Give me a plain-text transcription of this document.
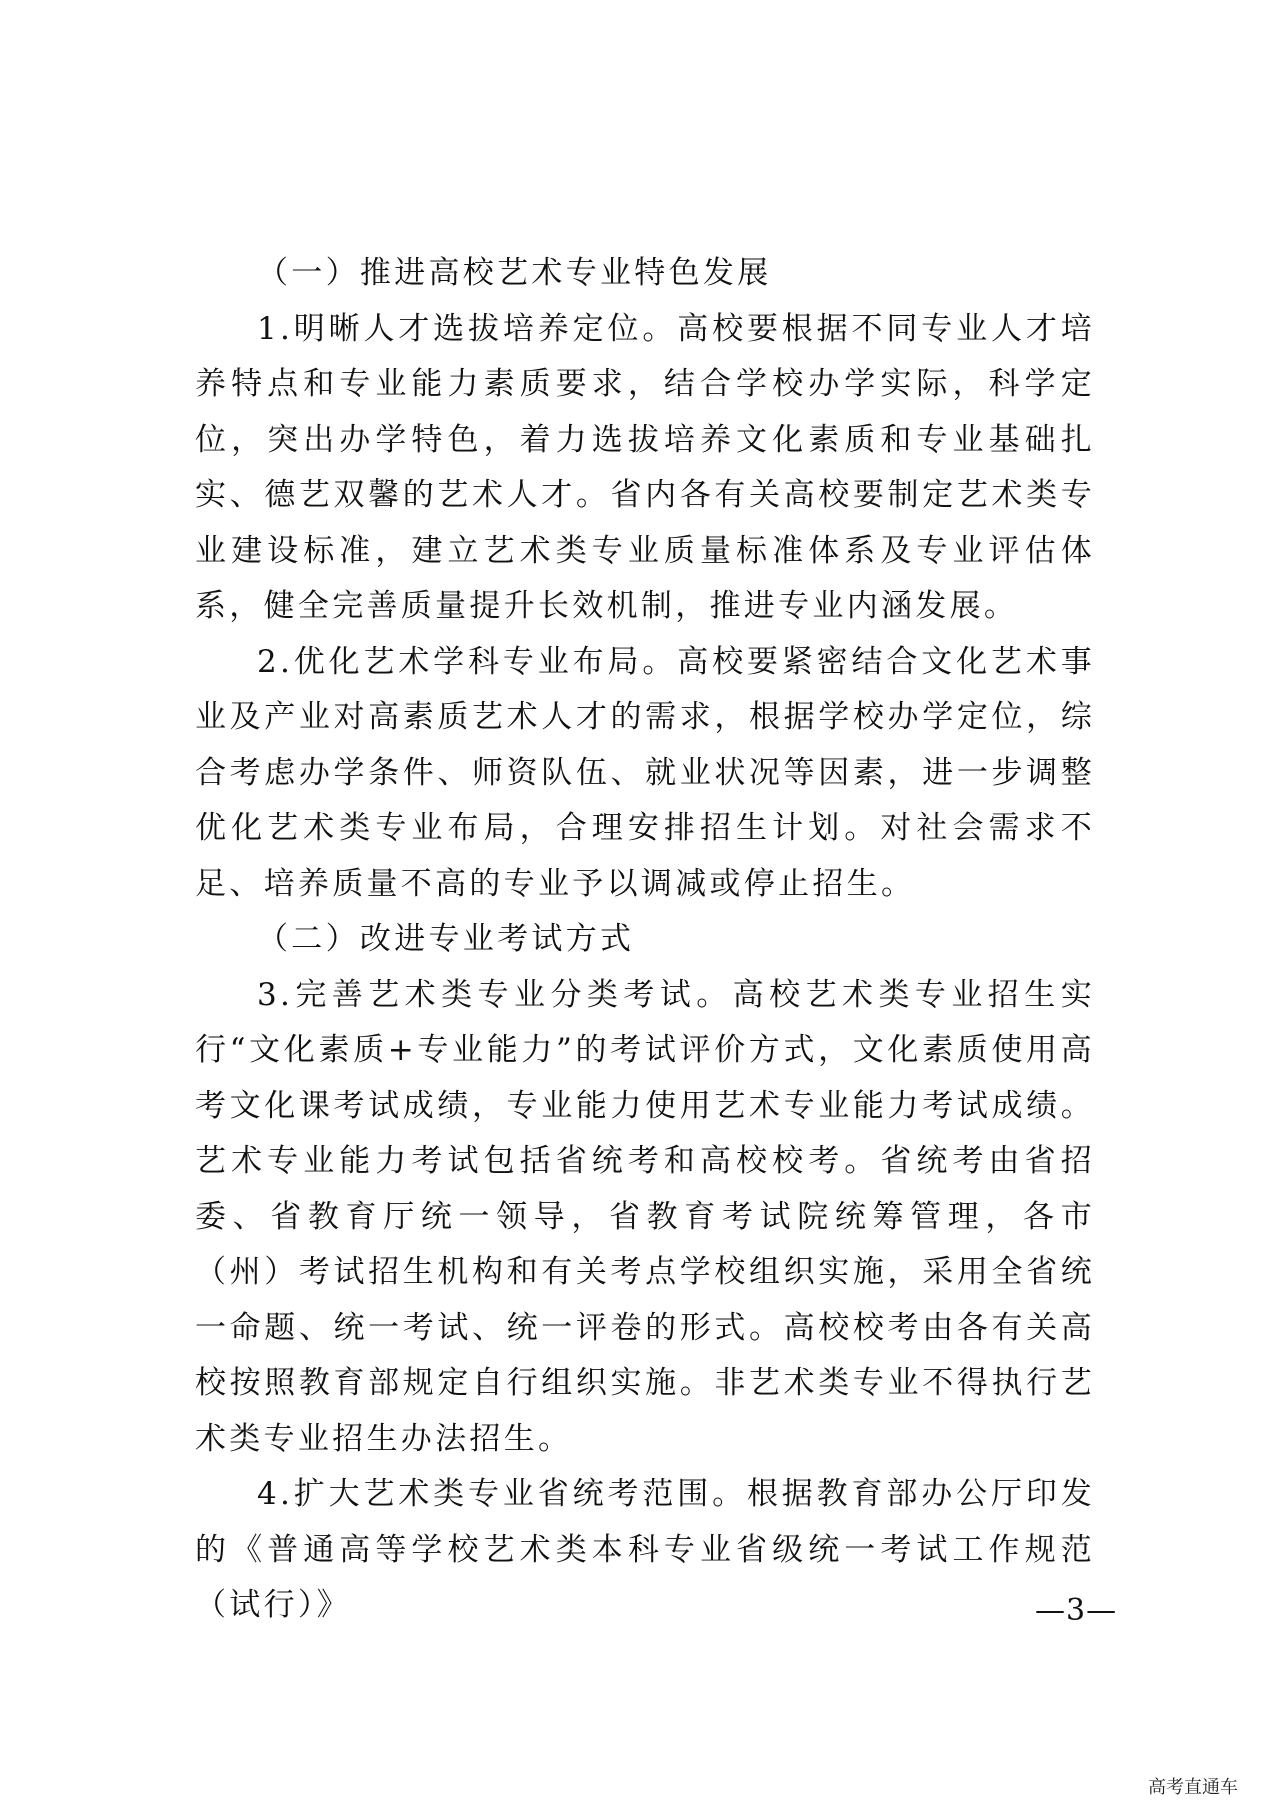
（一）推进高校艺术专业特色发展

1.明晰人才选拔培养定位。高校要根据不同专业人才培养特点和专业能力素质要求，结合学校办学实际，科学定位，突出办学特色，着力选拔培养文化素质和专业基础扎实、德艺双馨的艺术人才。省内各有关高校要制定艺术类专业建设标准，建立艺术类专业质量标准体系及专业评估体系，健全完善质量提升长效机制，推进专业内涵发展。

2.优化艺术学科专业布局。高校要紧密结合文化艺术事业及产业对高素质艺术人才的需求，根据学校办学定位，综合考虑办学条件、师资队伍、就业状况等因素，进一步调整优化艺术类专业布局，合理安排招生计划。对社会需求不足、培养质量不高的专业予以调减或停止招生。

（二）改进专业考试方式

3.完善艺术类专业分类考试。高校艺术类专业招生实行“文化素质+专业能力”的考试评价方式，文化素质使用高考文化课考试成绩，专业能力使用艺术专业能力考试成绩。艺术专业能力考试包括省统考和高校校考。省统考由省招委、省教育厅统一领导，省教育考试院统筹管理，各市（州）考试招生机构和有关考点学校组织实施，采用全省统一命题、统一考试、统一评卷的形式。高校校考由各有关高校按照教育部规定自行组织实施。非艺术类专业不得执行艺术类专业招生办法招生。

4.扩大艺术类专业省统考范围。根据教育部办公厅印发的《普通高等学校艺术类本科专业省级统一考试工作规范（试行）》	—3—
高考直通车
